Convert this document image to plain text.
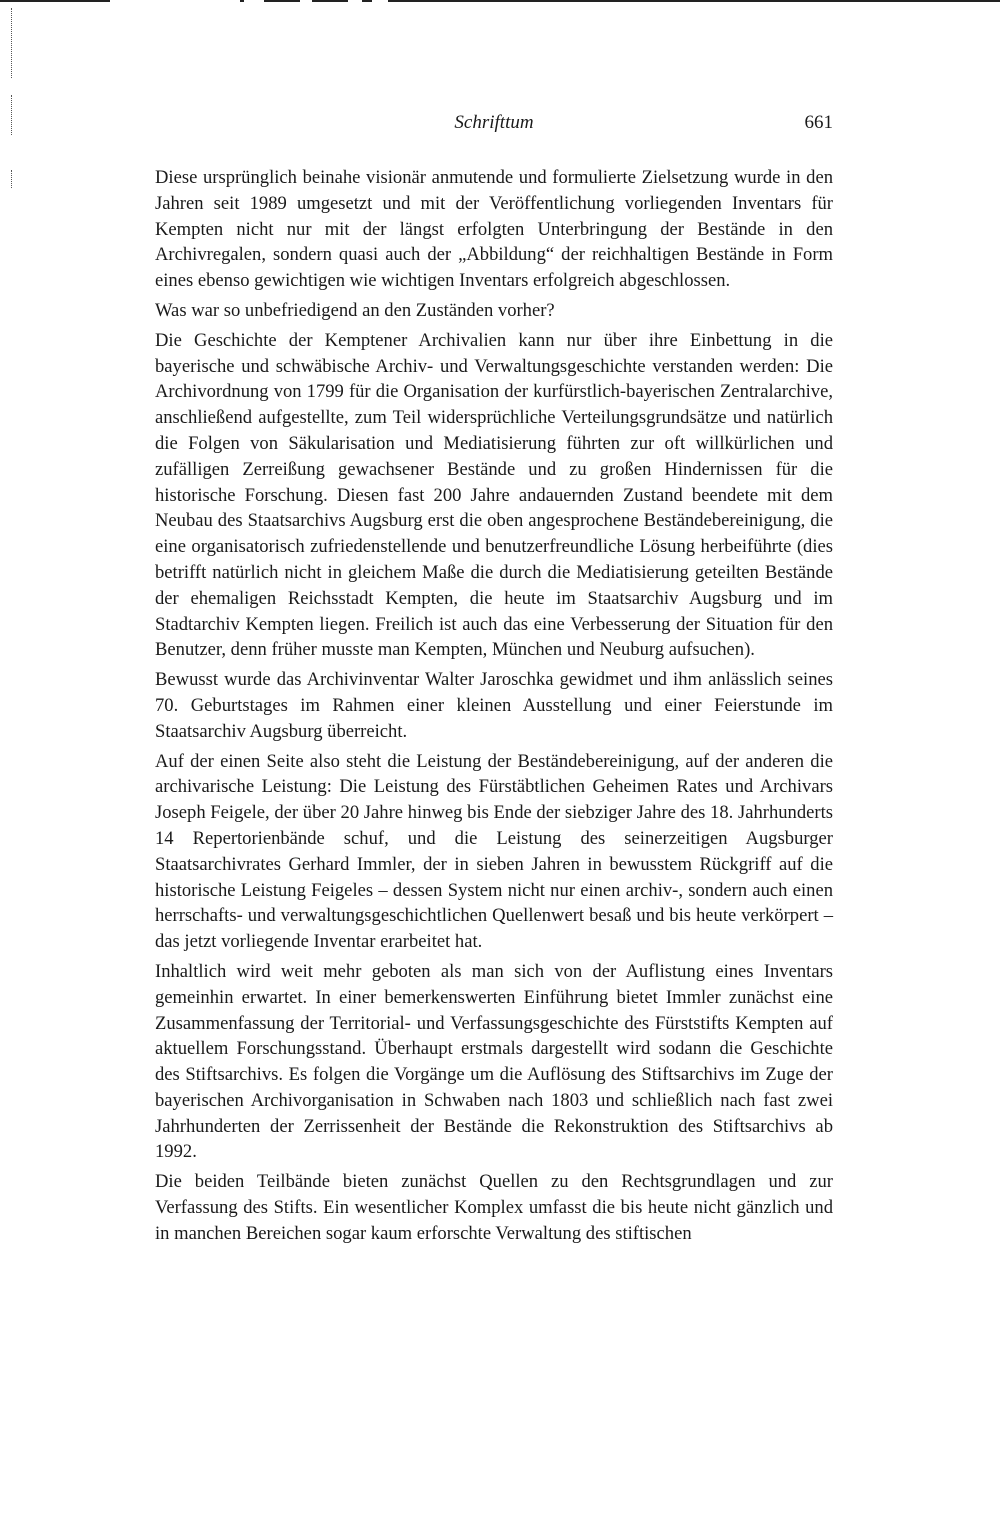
Schrifttum	661

Diese ursprünglich beinahe visionär anmutende und formulierte Zielsetzung wurde in den Jahren seit 1989 umgesetzt und mit der Veröffentlichung vorliegenden Inventars für Kempten nicht nur mit der längst erfolgten Unterbringung der Bestände in den Archivregalen, sondern quasi auch der „Abbildung“ der reichhaltigen Bestände in Form eines ebenso gewichtigen wie wichtigen Inventars erfolgreich abgeschlossen.

Was war so unbefriedigend an den Zuständen vorher?

Die Geschichte der Kemptener Archivalien kann nur über ihre Einbettung in die bayerische und schwäbische Archiv- und Verwaltungsgeschichte verstanden werden: Die Archivordnung von 1799 für die Organisation der kurfürstlich-bayerischen Zentralarchive, anschließend aufgestellte, zum Teil widersprüchliche Verteilungsgrundsätze und natürlich die Folgen von Säkularisation und Mediatisierung führten zur oft willkürlichen und zufälligen Zerreißung gewachsener Bestände und zu großen Hindernissen für die historische Forschung. Diesen fast 200 Jahre andauernden Zustand beendete mit dem Neubau des Staatsarchivs Augsburg erst die oben angesprochene Beständebereinigung, die eine organisatorisch zufriedenstellende und benutzerfreundliche Lösung herbeiführte (dies betrifft natürlich nicht in gleichem Maße die durch die Mediatisierung geteilten Bestände der ehemaligen Reichsstadt Kempten, die heute im Staatsarchiv Augsburg und im Stadtarchiv Kempten liegen. Freilich ist auch das eine Verbesserung der Situation für den Benutzer, denn früher musste man Kempten, München und Neuburg aufsuchen).

Bewusst wurde das Archivinventar Walter Jaroschka gewidmet und ihm anlässlich seines 70. Geburtstages im Rahmen einer kleinen Ausstellung und einer Feierstunde im Staatsarchiv Augsburg überreicht.

Auf der einen Seite also steht die Leistung der Beständebereinigung, auf der anderen die archivarische Leistung: Die Leistung des Fürstäbtlichen Geheimen Rates und Archivars Joseph Feigele, der über 20 Jahre hinweg bis Ende der siebziger Jahre des 18. Jahrhunderts 14 Repertorienbände schuf, und die Leistung des seinerzeitigen Augsburger Staatsarchivrates Gerhard Immler, der in sieben Jahren in bewusstem Rückgriff auf die historische Leistung Feigeles – dessen System nicht nur einen archiv-, sondern auch einen herrschafts- und verwaltungsgeschichtlichen Quellenwert besaß und bis heute verkörpert – das jetzt vorliegende Inventar erarbeitet hat.

Inhaltlich wird weit mehr geboten als man sich von der Auflistung eines Inventars gemeinhin erwartet. In einer bemerkenswerten Einführung bietet Immler zunächst eine Zusammenfassung der Territorial- und Verfassungsgeschichte des Fürststifts Kempten auf aktuellem Forschungsstand. Überhaupt erstmals dargestellt wird sodann die Geschichte des Stiftsarchivs. Es folgen die Vorgänge um die Auflösung des Stiftsarchivs im Zuge der bayerischen Archivorganisation in Schwaben nach 1803 und schließlich nach fast zwei Jahrhunderten der Zerrissenheit der Bestände die Rekonstruktion des Stiftsarchivs ab 1992.

Die beiden Teilbände bieten zunächst Quellen zu den Rechtsgrundlagen und zur Verfassung des Stifts. Ein wesentlicher Komplex umfasst die bis heute nicht gänzlich und in manchen Bereichen sogar kaum erforschte Verwaltung des stiftischen
